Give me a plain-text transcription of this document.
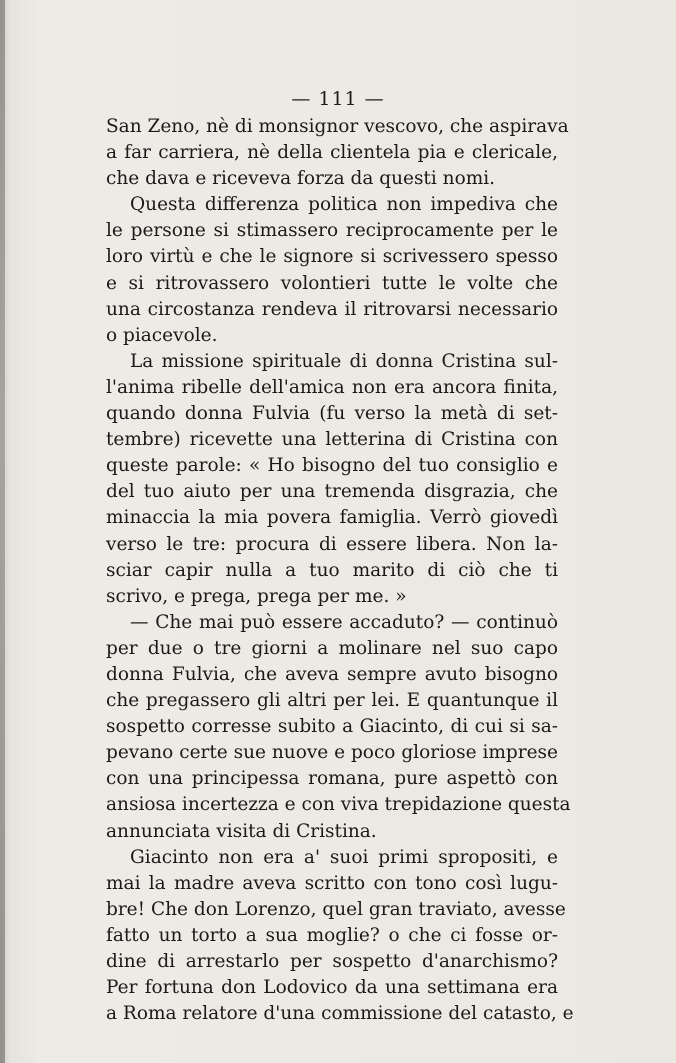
— 111 —
San Zeno, nè di monsignor vescovo, che aspirava
a far carriera, nè della clientela pia e clericale,
che dava e riceveva forza da questi nomi.
Questa differenza politica non impediva che
le persone si stimassero reciprocamente per le
loro virtù e che le signore si scrivessero spesso
e si ritrovassero volontieri tutte le volte che
una circostanza rendeva il ritrovarsi necessario
o piacevole.
La missione spirituale di donna Cristina sul-
l'anima ribelle dell'amica non era ancora finita,
quando donna Fulvia (fu verso la metà di set-
tembre) ricevette una letterina di Cristina con
queste parole: « Ho bisogno del tuo consiglio e
del tuo aiuto per una tremenda disgrazia, che
minaccia la mia povera famiglia. Verrò giovedì
verso le tre: procura di essere libera. Non la-
sciar capir nulla a tuo marito di ciò che ti
scrivo, e prega, prega per me. »
— Che mai può essere accaduto? — continuò
per due o tre giorni a molinare nel suo capo
donna Fulvia, che aveva sempre avuto bisogno
che pregassero gli altri per lei. E quantunque il
sospetto corresse subito a Giacinto, di cui si sa-
pevano certe sue nuove e poco gloriose imprese
con una principessa romana, pure aspettò con
ansiosa incertezza e con viva trepidazione questa
annunciata visita di Cristina.
Giacinto non era a' suoi primi spropositi, e
mai la madre aveva scritto con tono così lugu-
bre! Che don Lorenzo, quel gran traviato, avesse
fatto un torto a sua moglie? o che ci fosse or-
dine di arrestarlo per sospetto d'anarchismo?
Per fortuna don Lodovico da una settimana era
a Roma relatore d'una commissione del catasto, e
